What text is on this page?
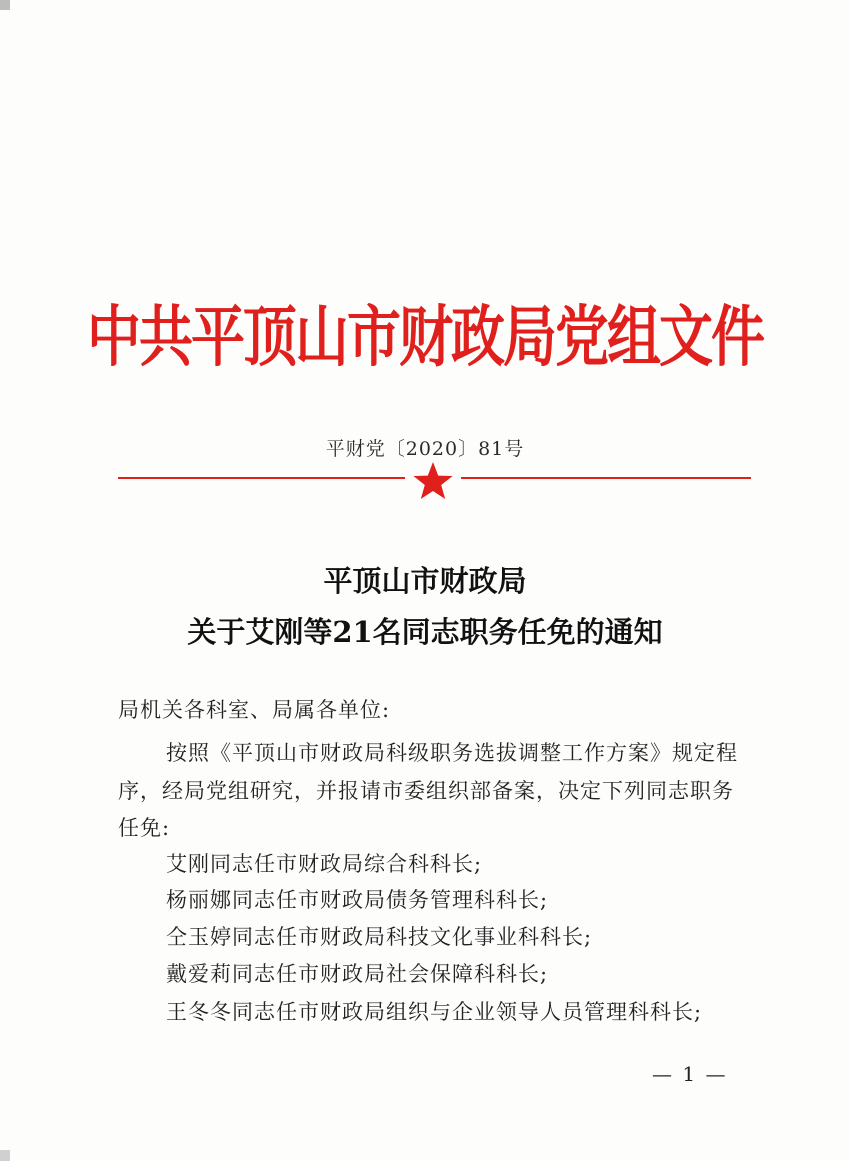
中共平顶山市财政局党组文件
平财党〔2020〕81号
平顶山市财政局
关于艾刚等21名同志职务任免的通知
局机关各科室、局属各单位:
按照《平顶山市财政局科级职务选拔调整工作方案》规定程
序，经局党组研究，并报请市委组织部备案，决定下列同志职务
任免:
艾刚同志任市财政局综合科科长;
杨丽娜同志任市财政局债务管理科科长;
仝玉婷同志任市财政局科技文化事业科科长;
戴爱莉同志任市财政局社会保障科科长;
王冬冬同志任市财政局组织与企业领导人员管理科科长;
— 1 —
